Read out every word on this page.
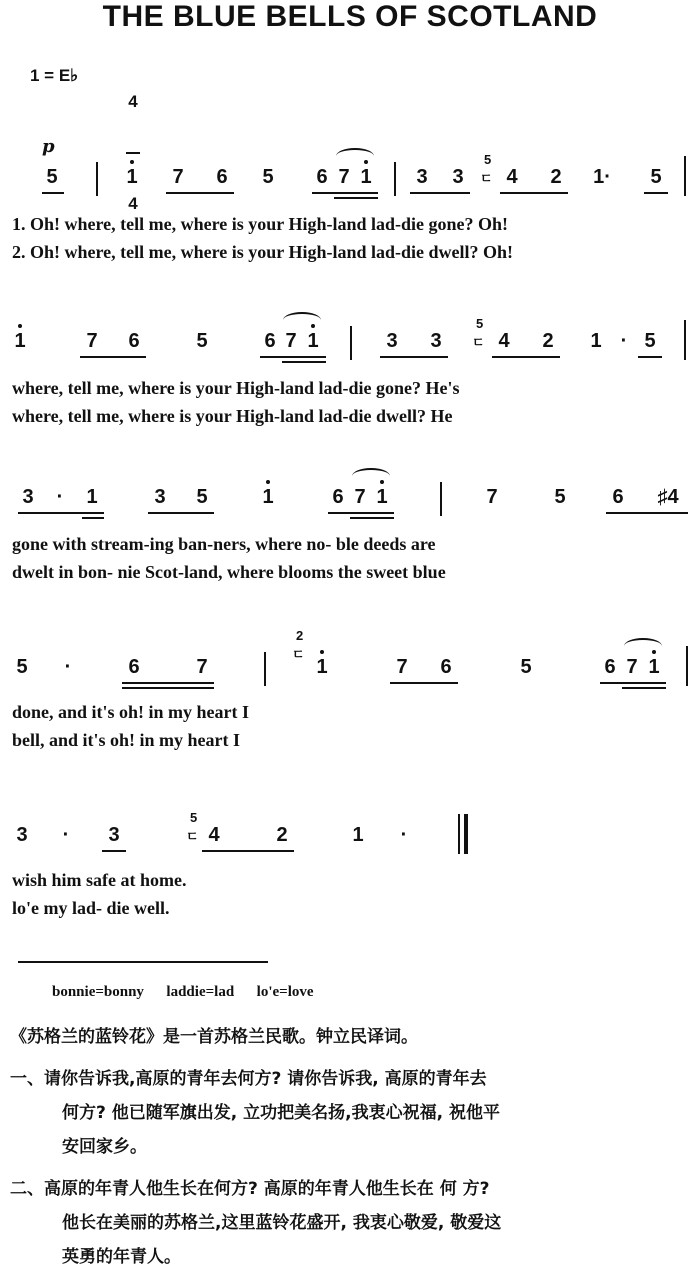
THE BLUE BELLS OF SCOTLAND
1 = E♭

4

4

p
5	1 7 6 5 6 7 1 3 3
5
ㄷ 4 2 1· 5
1. Oh! where, tell me, where is your High-land lad-die gone? Oh!
2. Oh! where, tell me, where is your High-land lad-die dwell? Oh!
1	7 6	5	6 7 1	3 3
5
ㄷ 4 2 1 · 5
where, tell me, where is your High-land lad-die gone? He's
where, tell me, where is your High-land lad-die dwell? He
3 · 1	3 5	1	6 7 1	7	5 6 ♯4
gone with stream-ing ban-ners, where no- ble deeds are
dwelt in bon- nie Scot-land, where blooms the sweet blue
5 ·	6	7
2
ㄷ
1	7 6	5	6 7 1
done, and it's oh! in my heart I
bell, and it's oh! in my heart I
3 · 3
5
ㄷ 4	2	1 ·
wish him safe at home.
lo'e my lad- die well.
bonnie=bonny      laddie=lad      lo'e=love
《苏格兰的蓝铃花》是一首苏格兰民歌。钟立民译词。
一、请你告诉我,高原的青年去何方? 请你告诉我, 高原的青年去
何方? 他已随军旗出发, 立功把美名扬,我衷心祝福, 祝他平
安回家乡。
二、高原的年青人他生长在何方? 高原的年青人他生长在 何 方?
他长在美丽的苏格兰,这里蓝铃花盛开, 我衷心敬爱, 敬爱这
英勇的年青人。
